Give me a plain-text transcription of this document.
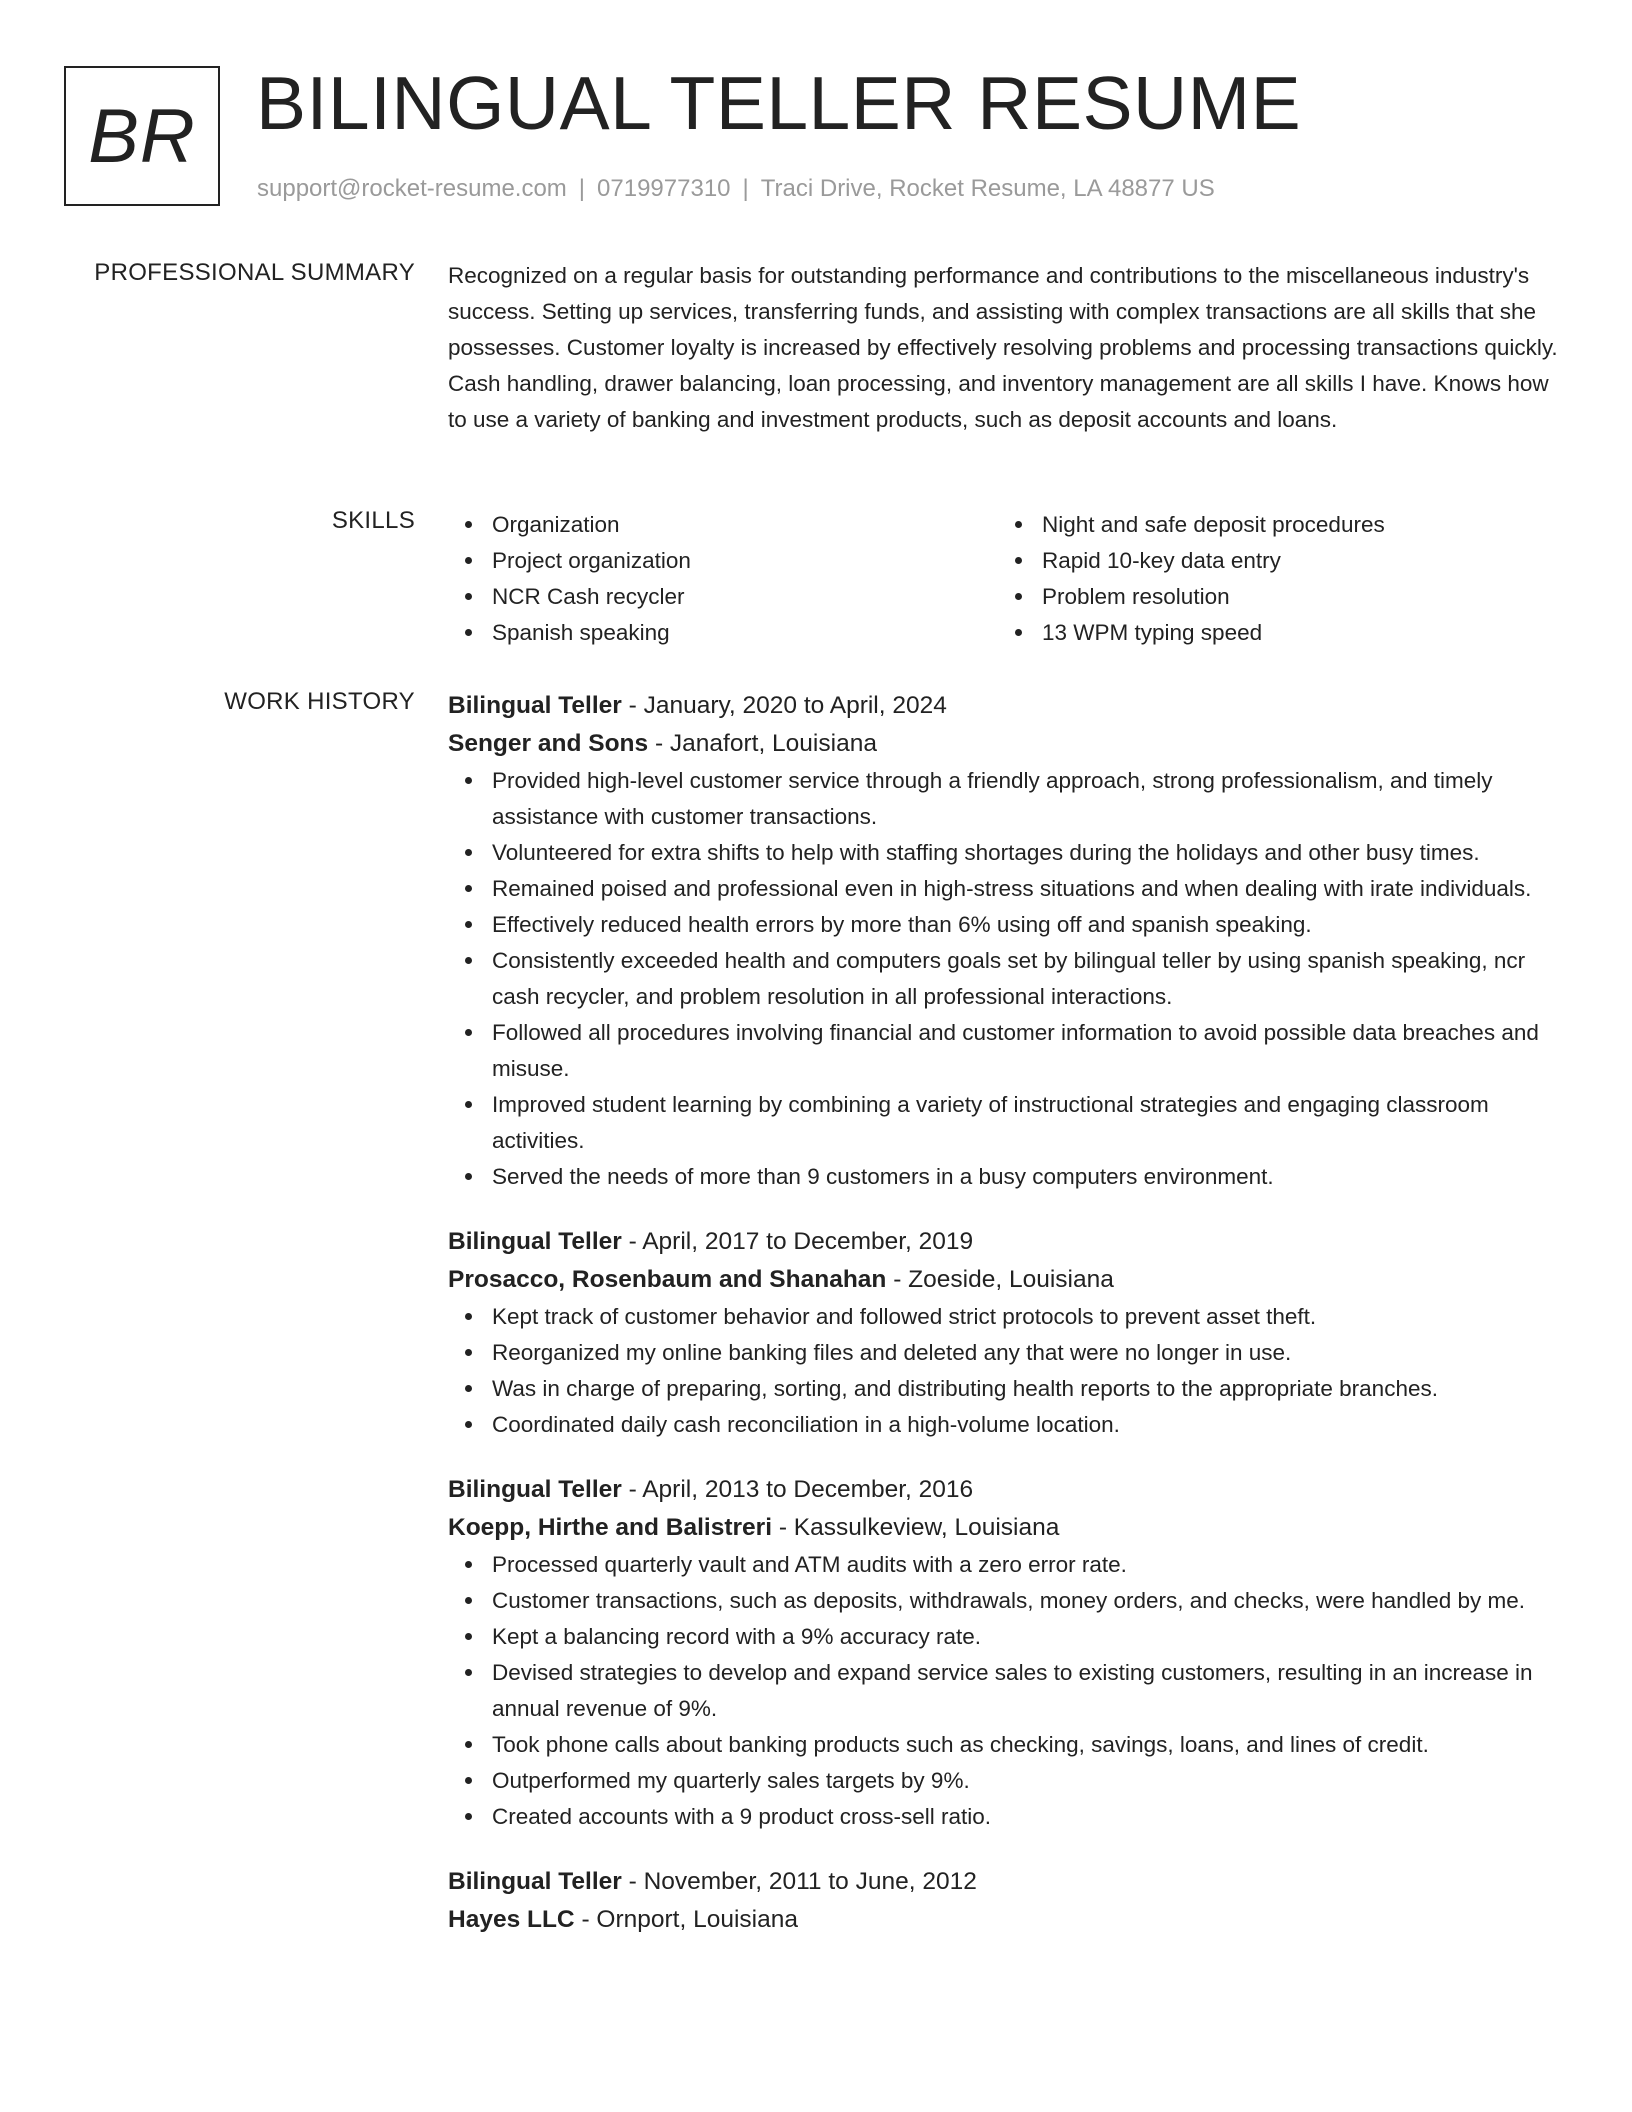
BR BILINGUAL TELLER RESUME
support@rocket-resume.com | 0719977310 | Traci Drive, Rocket Resume, LA 48877 US
PROFESSIONAL SUMMARY Recognized on a regular basis for outstanding performance and contributions to the miscellaneous industry's success. Setting up services, transferring funds, and assisting with complex transactions are all skills that she possesses. Customer loyalty is increased by effectively resolving problems and processing transactions quickly. Cash handling, drawer balancing, loan processing, and inventory management are all skills I have. Knows how to use a variety of banking and investment products, such as deposit accounts and loans.

SKILLS	Organization
Project organization
NCR Cash recycler
Spanish speaking
Night and safe deposit procedures
Rapid 10-key data entry
Problem resolution
13 WPM typing speed
WORK HISTORY Bilingual Teller - January, 2020 to April, 2024
Senger and Sons - Janafort, Louisiana
Provided high-level customer service through a friendly approach, strong professionalism, and timely assistance with customer transactions.
Volunteered for extra shifts to help with staffing shortages during the holidays and other busy times.
Remained poised and professional even in high-stress situations and when dealing with irate individuals.
Effectively reduced health errors by more than 6% using off and spanish speaking.
Consistently exceeded health and computers goals set by bilingual teller by using spanish speaking, ncr cash recycler, and problem resolution in all professional interactions.
Followed all procedures involving financial and customer information to avoid possible data breaches and misuse.
Improved student learning by combining a variety of instructional strategies and engaging classroom activities.
Served the needs of more than 9 customers in a busy computers environment.
Bilingual Teller - April, 2017 to December, 2019
Prosacco, Rosenbaum and Shanahan - Zoeside, Louisiana
Kept track of customer behavior and followed strict protocols to prevent asset theft.
Reorganized my online banking files and deleted any that were no longer in use.
Was in charge of preparing, sorting, and distributing health reports to the appropriate branches.
Coordinated daily cash reconciliation in a high-volume location.
Bilingual Teller - April, 2013 to December, 2016
Koepp, Hirthe and Balistreri - Kassulkeview, Louisiana
Processed quarterly vault and ATM audits with a zero error rate.
Customer transactions, such as deposits, withdrawals, money orders, and checks, were handled by me.
Kept a balancing record with a 9% accuracy rate.
Devised strategies to develop and expand service sales to existing customers, resulting in an increase in annual revenue of 9%.
Took phone calls about banking products such as checking, savings, loans, and lines of credit.
Outperformed my quarterly sales targets by 9%.
Created accounts with a 9 product cross-sell ratio.
Bilingual Teller - November, 2011 to June, 2012
Hayes LLC - Ornport, Louisiana
